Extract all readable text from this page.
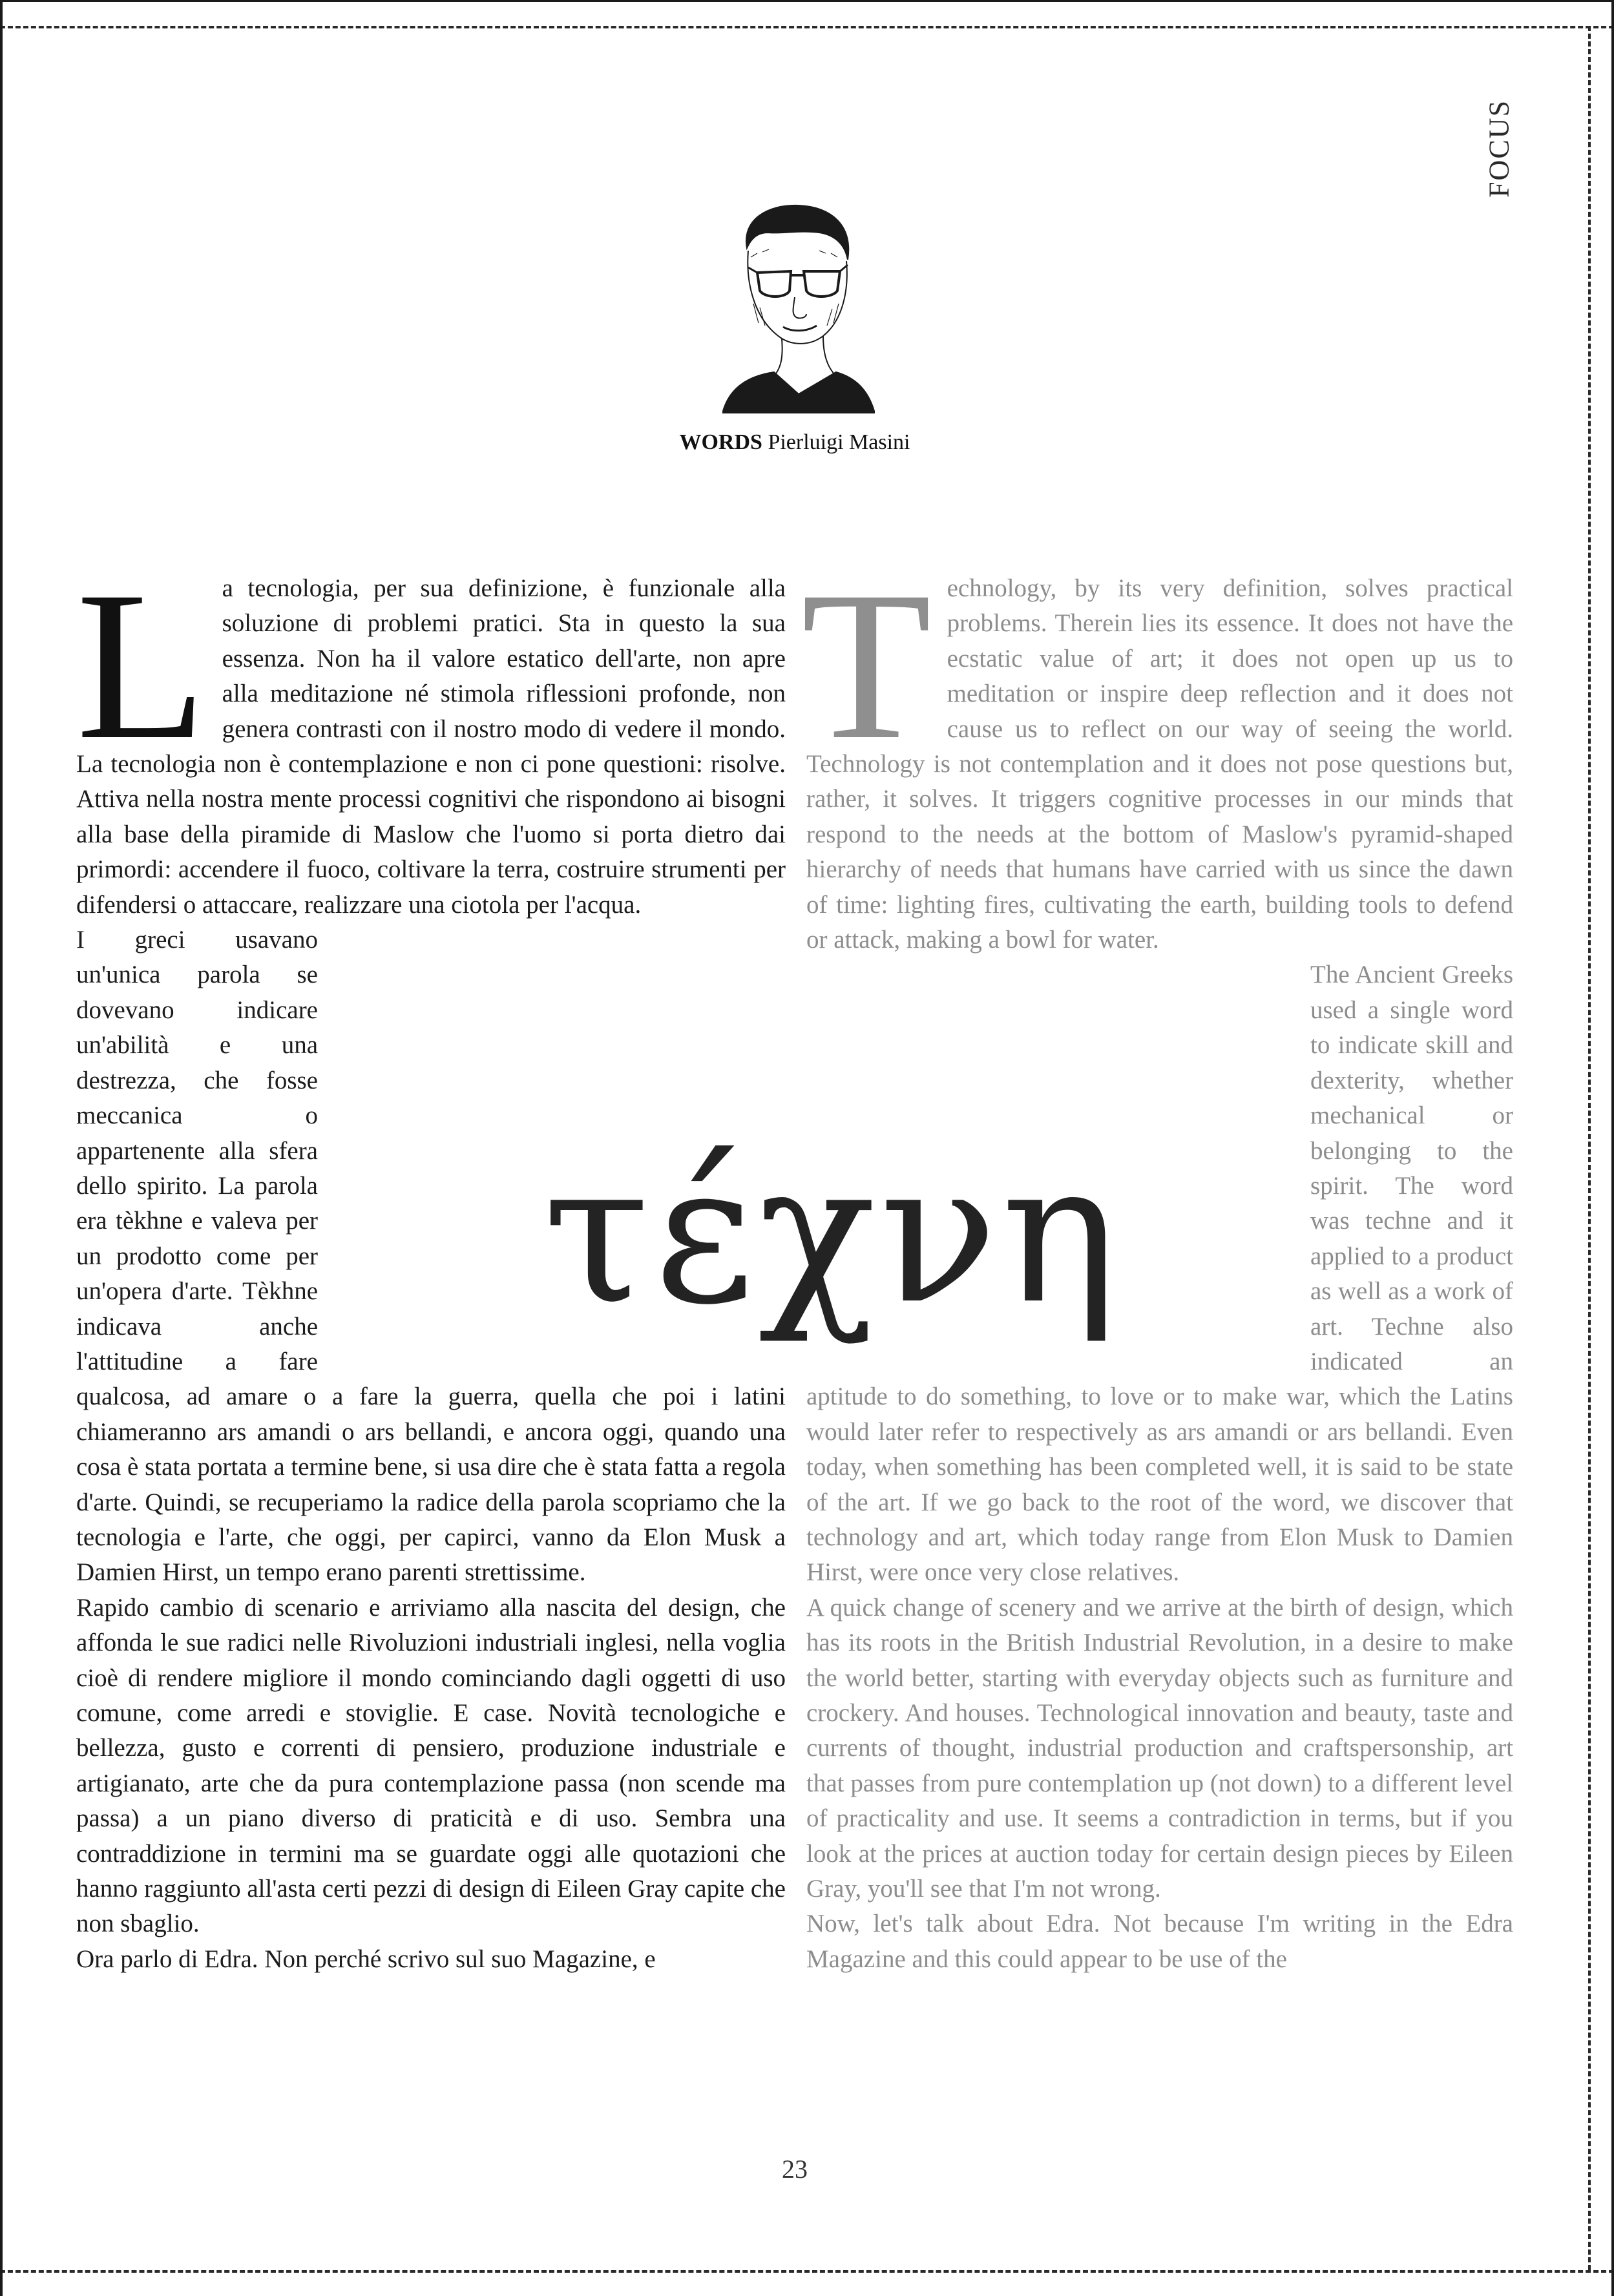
FOCUS
WORDS Pierluigi Masini
L a tecnologia, per sua definizione, è funzionale alla soluzione di problemi pratici. Sta in questo la sua essenza. Non ha il valore estatico dell'arte, non apre alla meditazione né stimola riflessioni profonde, non genera contrasti con il nostro modo di vedere il mondo. La tecnologia non è contemplazione e non ci pone questioni: risolve. Attiva nella nostra mente processi cognitivi che rispondono ai bisogni alla base della piramide di Maslow che l'uomo si porta dietro dai primordi: accendere il fuoco, coltivare la terra, costruire strumenti per difendersi o attaccare, realizzare una ciotola per l'acqua.

I greci usavano un'unica parola se dovevano indicare un'abilità e una destrezza, che fosse meccanica o appartenente alla sfera dello spirito. La parola era tèkhne e valeva per un prodotto come per un'opera d'arte. Tèkhne indicava anche l'attitudine a fare qualcosa, ad amare o a fare la guerra, quella che poi i latini chiameranno ars amandi o ars bellandi, e ancora oggi, quando una cosa è stata portata a termine bene, si usa dire che è stata fatta a regola d'arte. Quindi, se recuperiamo la radice della parola scopriamo che la tecnologia e l'arte, che oggi, per capirci, vanno da Elon Musk a Damien Hirst, un tempo erano parenti strettissime.

Rapido cambio di scenario e arriviamo alla nascita del design, che affonda le sue radici nelle Rivoluzioni industriali inglesi, nella voglia cioè di rendere migliore il mondo cominciando dagli oggetti di uso comune, come arredi e stoviglie. E case. Novità tecnologiche e bellezza, gusto e correnti di pensiero, produzione industriale e artigianato, arte che da pura contemplazione passa (non scende ma passa) a un piano diverso di praticità e di uso. Sembra una contraddizione in termini ma se guardate oggi alle quotazioni che hanno raggiunto all'asta certi pezzi di design di Eileen Gray capite che non sbaglio.

Ora parlo di Edra. Non perché scrivo sul suo Magazine, e

T echnology, by its very definition, solves practical problems. Therein lies its essence. It does not have the ecstatic value of art; it does not open up us to meditation or inspire deep reflection and it does not cause us to reflect on our way of seeing the world. Technology is not contemplation and it does not pose questions but, rather, it solves. It triggers cognitive processes in our minds that respond to the needs at the bottom of Maslow's pyramid-shaped hierarchy of needs that humans have carried with us since the dawn of time: lighting fires, cultivating the earth, building tools to defend or attack, making a bowl for water.

The Ancient Greeks used a single word to indicate skill and dexterity, whether mechanical or belonging to the spirit. The word was techne and it applied to a product as well as a work of art. Techne also indicated an aptitude to do something, to love or to make war, which the Latins would later refer to respectively as ars amandi or ars bellandi. Even today, when something has been completed well, it is said to be state of the art. If we go back to the root of the word, we discover that technology and art, which today range from Elon Musk to Damien Hirst, were once very close relatives.

A quick change of scenery and we arrive at the birth of design, which has its roots in the British Industrial Revolution, in a desire to make the world better, starting with everyday objects such as furniture and crockery. And houses. Technological innovation and beauty, taste and currents of thought, industrial production and craftspersonship, art that passes from pure contemplation up (not down) to a different level of practicality and use. It seems a contradiction in terms, but if you look at the prices at auction today for certain design pieces by Eileen Gray, you'll see that I'm not wrong.

Now, let's talk about Edra. Not because I'm writing in the Edra Magazine and this could appear to be use of the

τέχνη
23
